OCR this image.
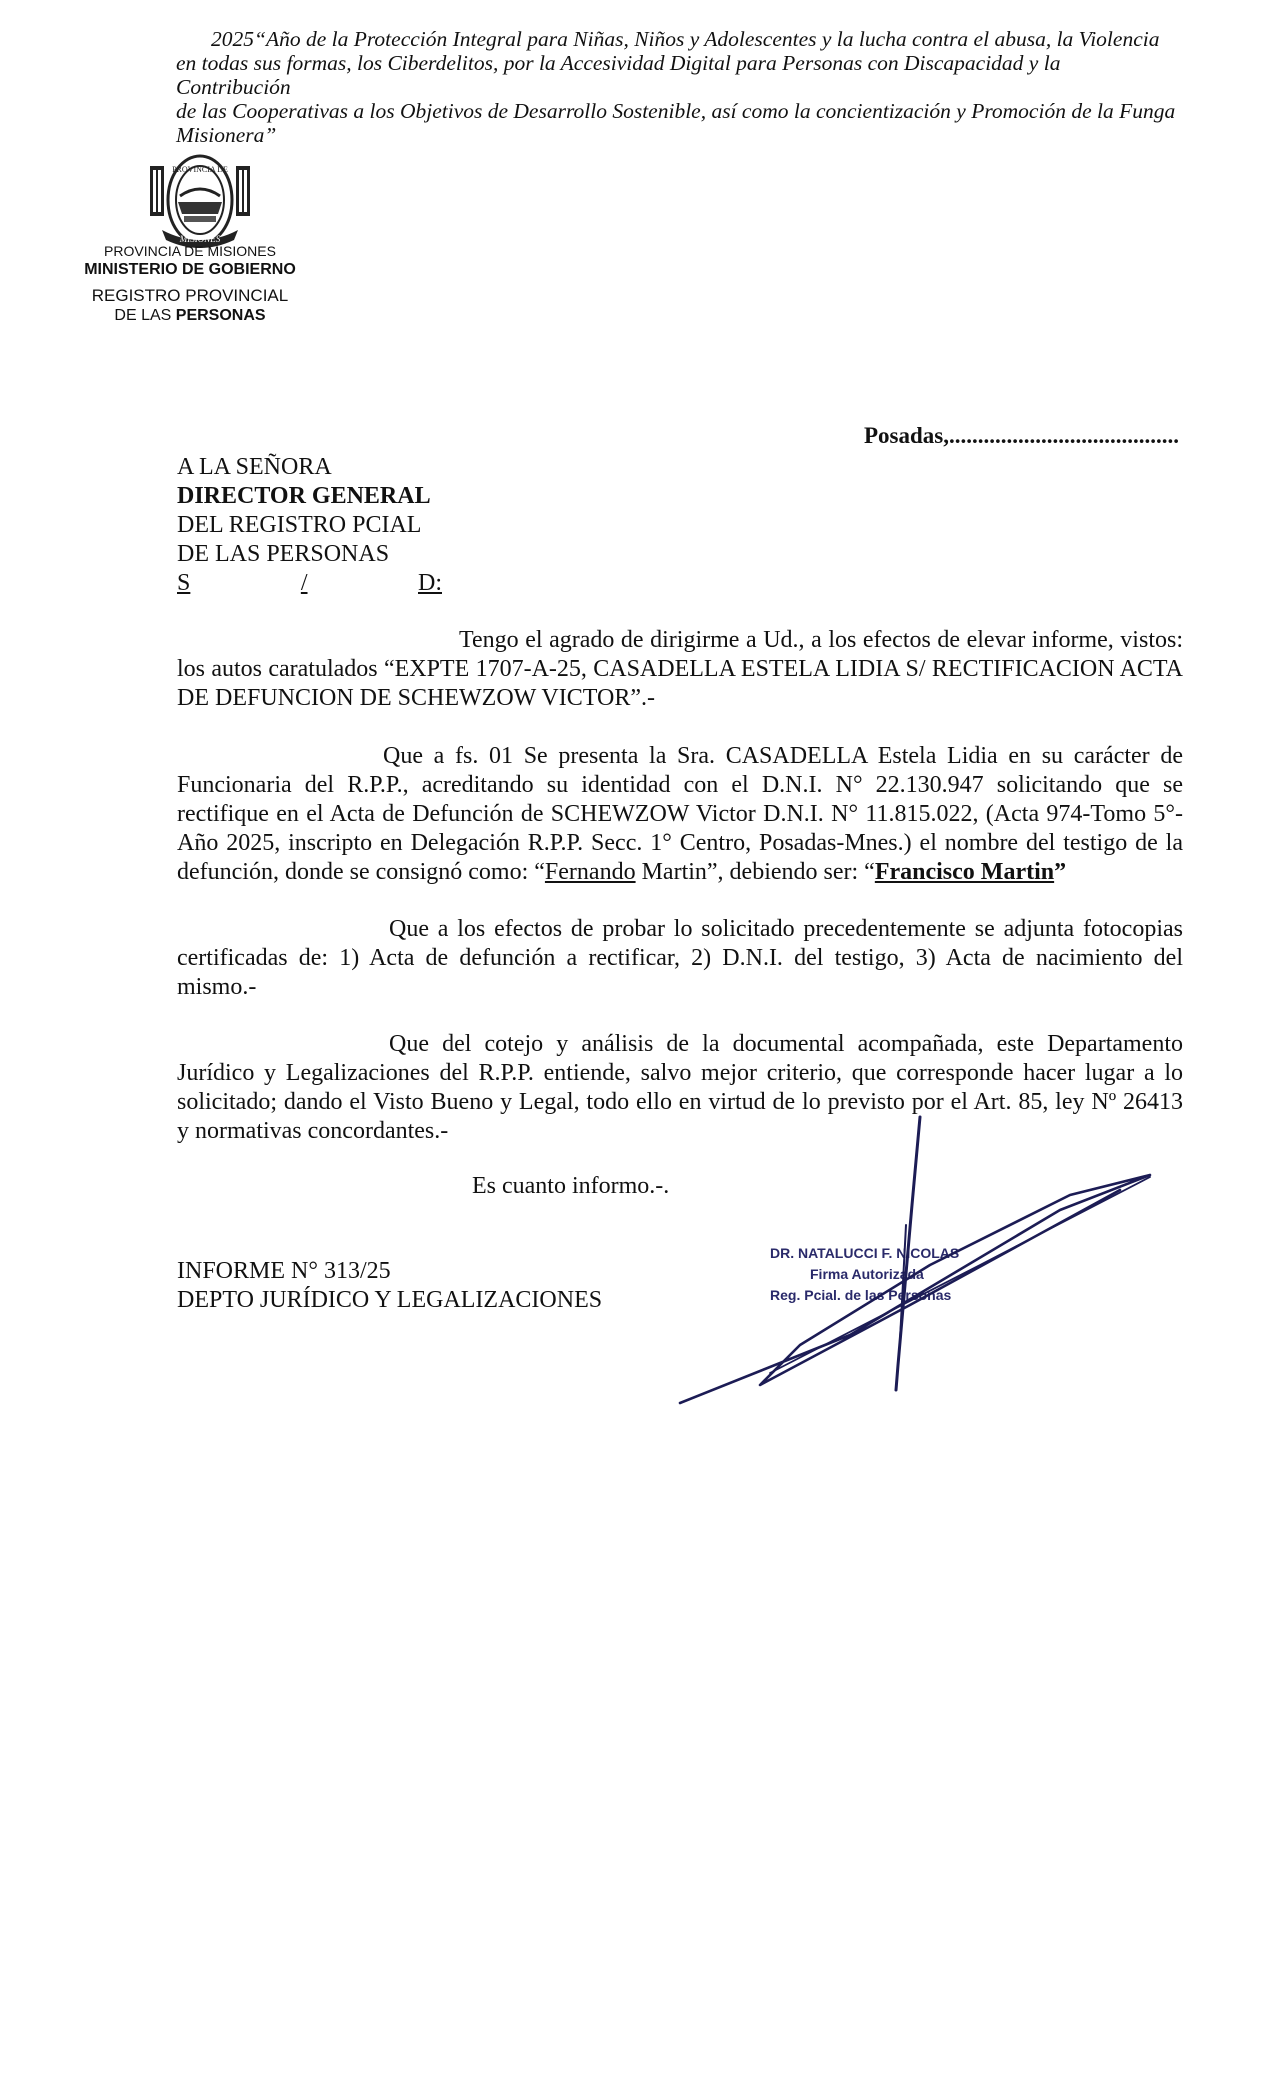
2025“Año de la Protección Integral para Niñas, Niños y Adolescentes y la lucha contra el abusa, la Violencia
en todas sus formas, los Ciberdelitos, por la Accesividad Digital para Personas con Discapacidad y la Contribución
de las Cooperativas a los Objetivos de Desarrollo Sostenible, así como la concientización y Promoción de la Funga
Misionera”

PROVINCIA DE
MISIONES
PROVINCIA DE MISIONES
MINISTERIO DE GOBIERNO
REGISTRO PROVINCIAL
DE LAS PERSONAS
Posadas,........................................
A LA SEÑORA
DIRECTOR GENERAL
DEL REGISTRO PCIAL
DE LAS PERSONAS
S	/	D:

Tengo el agrado de dirigirme a Ud., a los efectos de elevar informe, vistos: los autos caratulados “EXPTE 1707-A-25, CASADELLA ESTELA LIDIA S/ RECTIFICACION ACTA DE DEFUNCION DE SCHEWZOW VICTOR”.-

Que a fs. 01 Se presenta la Sra. CASADELLA Estela Lidia en su carácter de Funcionaria del R.P.P., acreditando su identidad con el D.N.I. N° 22.130.947 solicitando que se rectifique en el Acta de Defunción de SCHEWZOW Victor D.N.I. N° 11.815.022, (Acta 974-Tomo 5°-Año 2025, inscripto en Delegación R.P.P. Secc. 1° Centro, Posadas-Mnes.) el nombre del testigo de la defunción, donde se consignó como: “Fernando Martin”, debiendo ser: “Francisco Martin”

Que a los efectos de probar lo solicitado precedentemente se adjunta fotocopias certificadas de: 1) Acta de defunción a rectificar, 2) D.N.I. del testigo, 3) Acta de nacimiento del mismo.-

Que del cotejo y análisis de la documental acompañada, este Departamento Jurídico y Legalizaciones del R.P.P. entiende, salvo mejor criterio, que corresponde hacer lugar a lo solicitado; dando el Visto Bueno y Legal, todo ello en virtud de lo previsto por el Art. 85, ley Nº 26413 y normativas concordantes.-

Es cuanto informo.-.
INFORME N° 313/25
DEPTO JURÍDICO Y LEGALIZACIONES
DR. NATALUCCI F. NICOLAS
Firma Autorizada
Reg. Pcial. de las Personas
